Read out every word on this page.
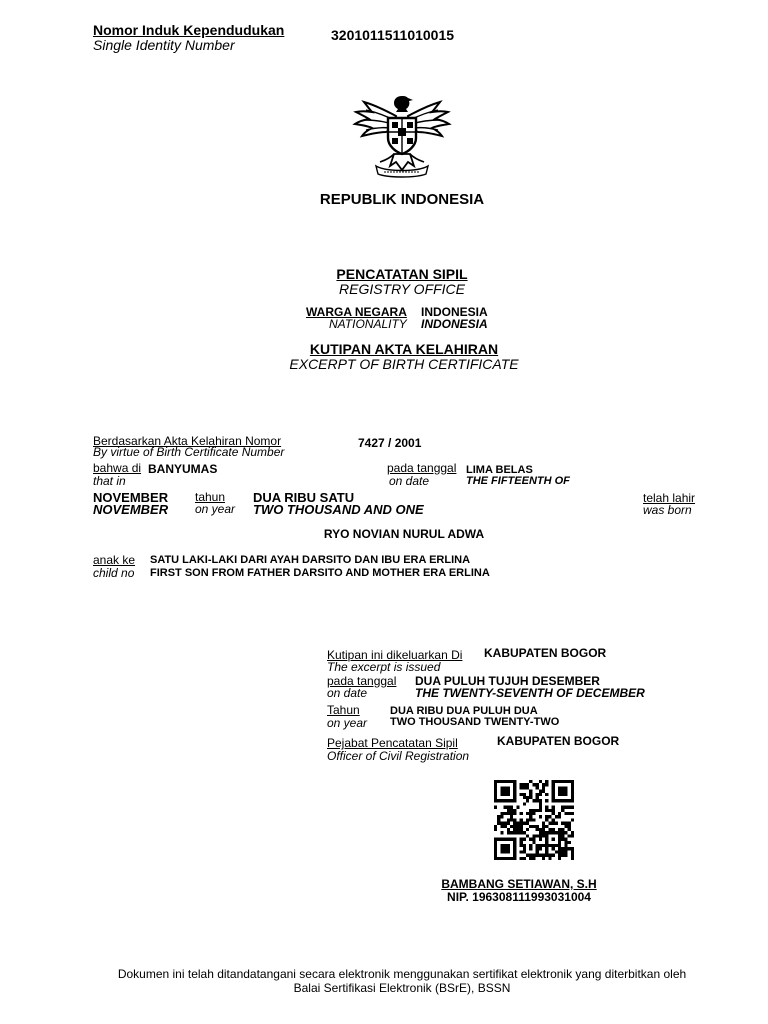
Nomor Induk Kependudukan
Single Identity Number
3201011511010015
REPUBLIK INDONESIA
PENCATATAN SIPIL
REGISTRY OFFICE
WARGA NEGARA INDONESIA
NATIONALITY INDONESIA
KUTIPAN AKTA KELAHIRAN
EXCERPT OF BIRTH CERTIFICATE
Berdasarkan Akta Kelahiran Nomor
By virtue of Birth Certificate Number
7427 / 2001
bahwa di BANYUMAS
that in
pada tanggal
on date
LIMA BELAS
THE FIFTEENTH OF
NOVEMBER
NOVEMBER
tahun
on year
DUA RIBU SATU
TWO THOUSAND AND ONE
telah lahir
was born
RYO NOVIAN NURUL ADWA
anak ke
child no
SATU LAKI-LAKI DARI AYAH DARSITO DAN IBU ERA ERLINA
FIRST SON FROM FATHER DARSITO AND MOTHER ERA ERLINA
Kutipan ini dikeluarkan Di
The excerpt is issued
KABUPATEN BOGOR
pada tanggal
on date
DUA PULUH TUJUH DESEMBER
THE TWENTY-SEVENTH OF DECEMBER
Tahun
on year
DUA RIBU DUA PULUH DUA
TWO THOUSAND TWENTY-TWO
Pejabat Pencatatan Sipil
Officer of Civil Registration
KABUPATEN BOGOR
BAMBANG SETIAWAN, S.H
NIP. 196308111993031004
Dokumen ini telah ditandatangani secara elektronik menggunakan sertifikat elektronik yang diterbitkan oleh
Balai Sertifikasi Elektronik (BSrE), BSSN
